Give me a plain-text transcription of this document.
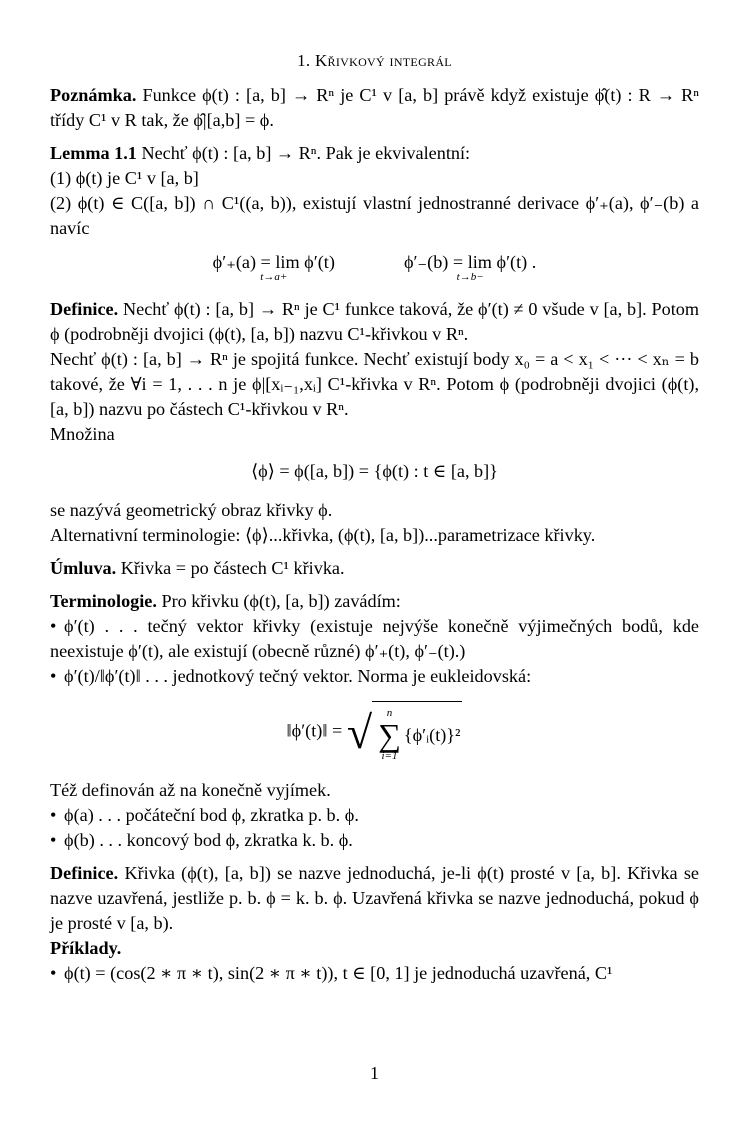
1. Křivkový integrál

Poznámka. Funkce ϕ(t) : [a, b] → Rⁿ je C¹ v [a, b] právě když existuje ϕ̂(t) : R → Rⁿ třídy C¹ v R tak, že ϕ̂|[a,b] = ϕ.

Lemma 1.1 Nechť ϕ(t) : [a, b] → Rⁿ. Pak je ekvivalentní:

(1) ϕ(t) je C¹ v [a, b]

(2) ϕ(t) ∈ C([a, b]) ∩ C¹((a, b)), existují vlastní jednostranné derivace ϕ′₊(a), ϕ′₋(b) a navíc

ϕ′₊(a) = lim ϕ′(t)
t→a+

ϕ′₋(b) = lim ϕ′(t) .
t→b−

Definice. Nechť ϕ(t) : [a, b] → Rⁿ je C¹ funkce taková, že ϕ′(t) ≠ 0 všude v [a, b]. Potom ϕ (podrobněji dvojici (ϕ(t), [a, b]) nazvu C¹-křivkou v Rⁿ.

Nechť ϕ(t) : [a, b] → Rⁿ je spojitá funkce. Nechť existují body x₀ = a < x₁ < ··· < xₙ = b takové, že ∀i = 1, . . . n je ϕ|[xᵢ₋₁,xᵢ] C¹-křivka v Rⁿ. Potom ϕ (podrobněji dvojici (ϕ(t), [a, b]) nazvu po částech C¹-křivkou v Rⁿ.

Množina

⟨ϕ⟩ = ϕ([a, b]) = {ϕ(t) : t ∈ [a, b]}

se nazývá geometrický obraz křivky ϕ.

Alternativní terminologie: ⟨ϕ⟩...křivka, (ϕ(t), [a, b])...parametrizace křivky.

Úmluva. Křivka = po částech C¹ křivka.

Terminologie. Pro křivku (ϕ(t), [a, b]) zavádím:

• ϕ′(t) . . . tečný vektor křivky (existuje nejvýše konečně výjimečných bodů, kde neexistuje ϕ′(t), ale existují (obecně různé) ϕ′₊(t), ϕ′₋(t).)

• ϕ′(t)/‖ϕ′(t)‖ . . . jednotkový tečný vektor. Norma je eukleidovská:

‖ϕ′(t)‖ = √ n
∑
i=1
{ϕ′ᵢ(t)}²

Též definován až na konečně vyjímek.

• ϕ(a) . . . počáteční bod ϕ, zkratka p. b. ϕ.

• ϕ(b) . . . koncový bod ϕ, zkratka k. b. ϕ.

Definice. Křivka (ϕ(t), [a, b]) se nazve jednoduchá, je-li ϕ(t) prosté v [a, b]. Křivka se nazve uzavřená, jestliže p. b. ϕ = k. b. ϕ. Uzavřená křivka se nazve jednoduchá, pokud ϕ je prosté v [a, b).

Příklady.

• ϕ(t) = (cos(2 ∗ π ∗ t), sin(2 ∗ π ∗ t)), t ∈ [0, 1] je jednoduchá uzavřená, C¹

1
